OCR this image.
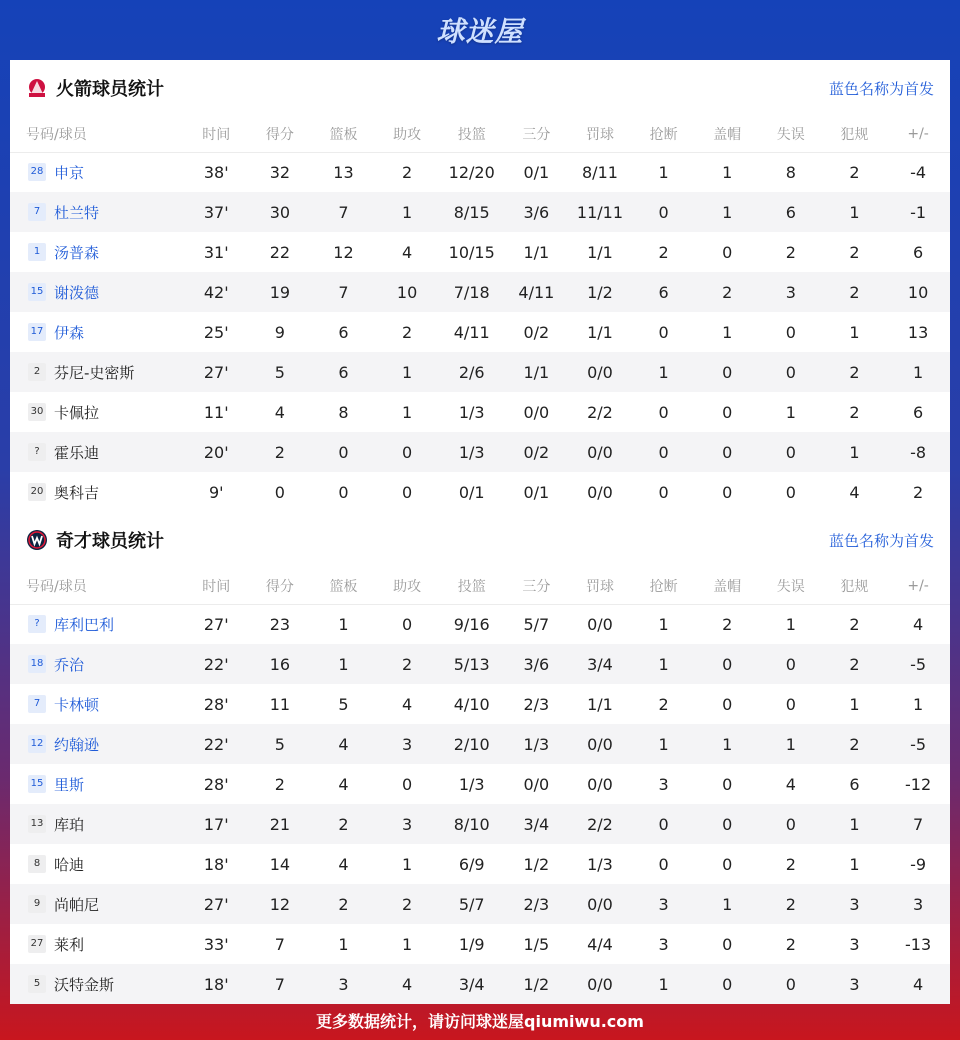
球迷屋
火箭球员统计	蓝色名称为首发
号码/球员	时间	得分	篮板	助攻	投篮	三分	罚球	抢断	盖帽	失误	犯规	+/-
28 申京	38'	32	13	2	12/20	0/1	8/11	1	1	8	2	-4
7 杜兰特	37'	30	7	1	8/15	3/6	11/11	0	1	6	1	-1
1 汤普森	31'	22	12	4	10/15	1/1	1/1	2	0	2	2	6
15 谢泼德	42'	19	7	10	7/18	4/11	1/2	6	2	3	2	10
17 伊森	25'	9	6	2	4/11	0/2	1/1	0	1	0	1	13
2 芬尼-史密斯	27'	5	6	1	2/6	1/1	0/0	1	0	0	2	1
30 卡佩拉	11'	4	8	1	1/3	0/0	2/2	0	0	1	2	6
? 霍乐迪	20'	2	0	0	1/3	0/2	0/0	0	0	0	1	-8
20 奥科吉	9'	0	0	0	0/1	0/1	0/0	0	0	0	4	2
奇才球员统计	蓝色名称为首发
号码/球员	时间	得分	篮板	助攻	投篮	三分	罚球	抢断	盖帽	失误	犯规	+/-
? 库利巴利	27'	23	1	0	9/16	5/7	0/0	1	2	1	2	4
18 乔治	22'	16	1	2	5/13	3/6	3/4	1	0	0	2	-5
7 卡林顿	28'	11	5	4	4/10	2/3	1/1	2	0	0	1	1
12 约翰逊	22'	5	4	3	2/10	1/3	0/0	1	1	1	2	-5
15 里斯	28'	2	4	0	1/3	0/0	0/0	3	0	4	6	-12
13 库珀	17'	21	2	3	8/10	3/4	2/2	0	0	0	1	7
8 哈迪	18'	14	4	1	6/9	1/2	1/3	0	0	2	1	-9
9 尚帕尼	27'	12	2	2	5/7	2/3	0/0	3	1	2	3	3
27 莱利	33'	7	1	1	1/9	1/5	4/4	3	0	2	3	-13
5 沃特金斯	18'	7	3	4	3/4	1/2	0/0	1	0	0	3	4
更多数据统计，请访问球迷屋qiumiwu.com
